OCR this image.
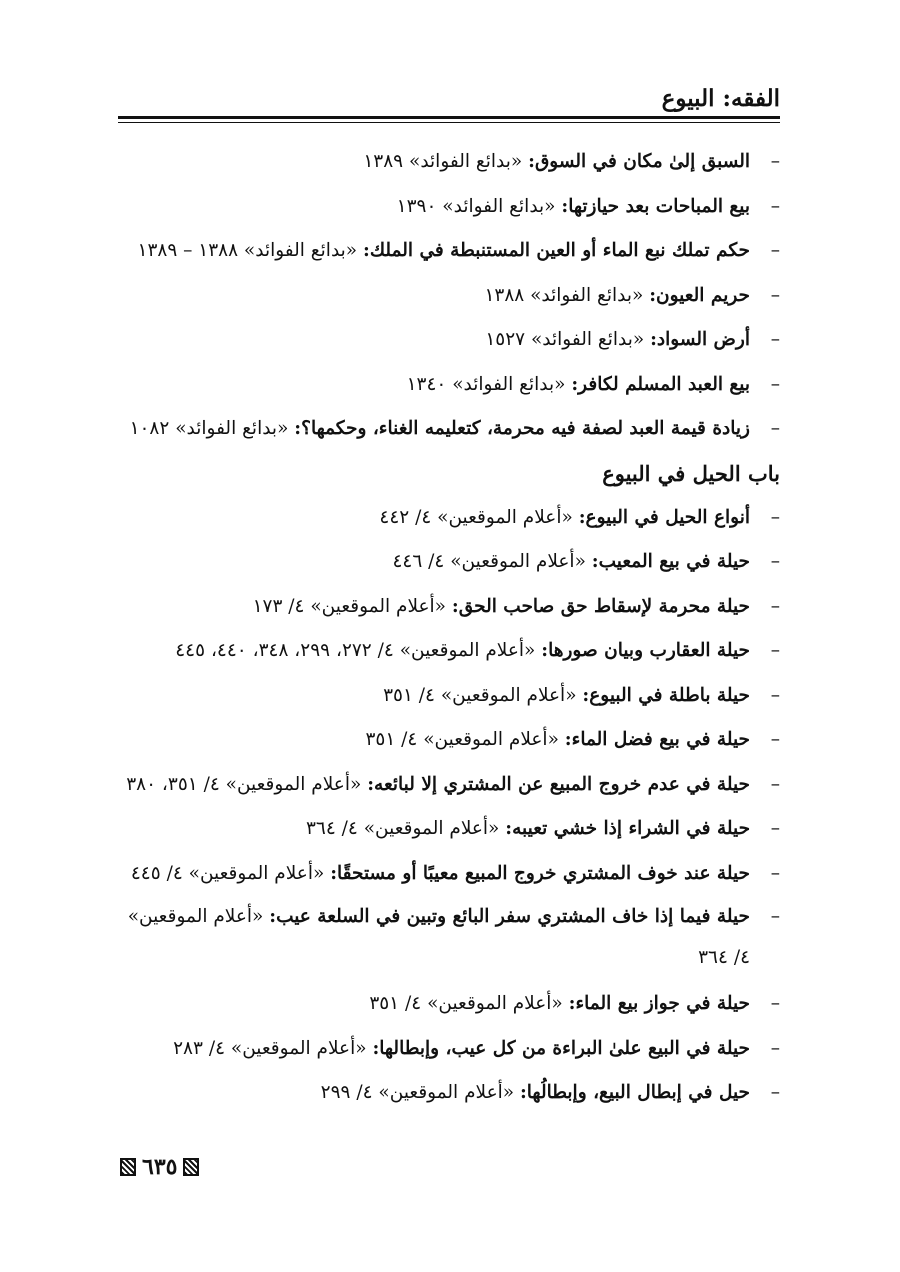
الفقه: البيوع
–
السبق إلىٰ مكان في السوق: «بدائع الفوائد» ١٣٨٩
–
بيع المباحات بعد حيازتها: «بدائع الفوائد» ١٣٩٠
–
حكم تملك نبع الماء أو العين المستنبطة في الملك: «بدائع الفوائد» ١٣٨٨ – ١٣٨٩
–
حريم العيون: «بدائع الفوائد» ١٣٨٨
–
أرض السواد: «بدائع الفوائد» ١٥٢٧
–
بيع العبد المسلم لكافر: «بدائع الفوائد» ١٣٤٠
–
زيادة قيمة العبد لصفة فيه محرمة، كتعليمه الغناء، وحكمها؟: «بدائع الفوائد» ١٠٨٢
باب الحيل في البيوع
–
أنواع الحيل في البيوع: «أعلام الموقعين» ٤/ ٤٤٢
–
حيلة في بيع المعيب: «أعلام الموقعين» ٤/ ٤٤٦
–
حيلة محرمة لإسقاط حق صاحب الحق: «أعلام الموقعين» ٤/ ١٧٣
–
حيلة العقارب وبيان صورها: «أعلام الموقعين» ٤/ ٢٧٢، ٢٩٩، ٣٤٨، ٤٤٠، ٤٤٥
–
حيلة باطلة في البيوع: «أعلام الموقعين» ٤/ ٣٥١
–
حيلة في بيع فضل الماء: «أعلام الموقعين» ٤/ ٣٥١
–
حيلة في عدم خروج المبيع عن المشتري إلا لبائعه: «أعلام الموقعين» ٤/ ٣٥١، ٣٨٠
–
حيلة في الشراء إذا خشي تعيبه: «أعلام الموقعين» ٤/ ٣٦٤
–
حيلة عند خوف المشتري خروج المبيع معيبًا أو مستحقًا: «أعلام الموقعين» ٤/ ٤٤٥
–
حيلة فيما إذا خاف المشتري سفر البائع وتبين في السلعة عيب: «أعلام الموقعين» ٤/ ٣٦٤
–
حيلة في جواز بيع الماء: «أعلام الموقعين» ٤/ ٣٥١
–
حيلة في البيع علىٰ البراءة من كل عيب، وإبطالها: «أعلام الموقعين» ٤/ ٢٨٣
–
حيل في إبطال البيع، وإبطالُها: «أعلام الموقعين» ٤/ ٢٩٩
٦٣٥
